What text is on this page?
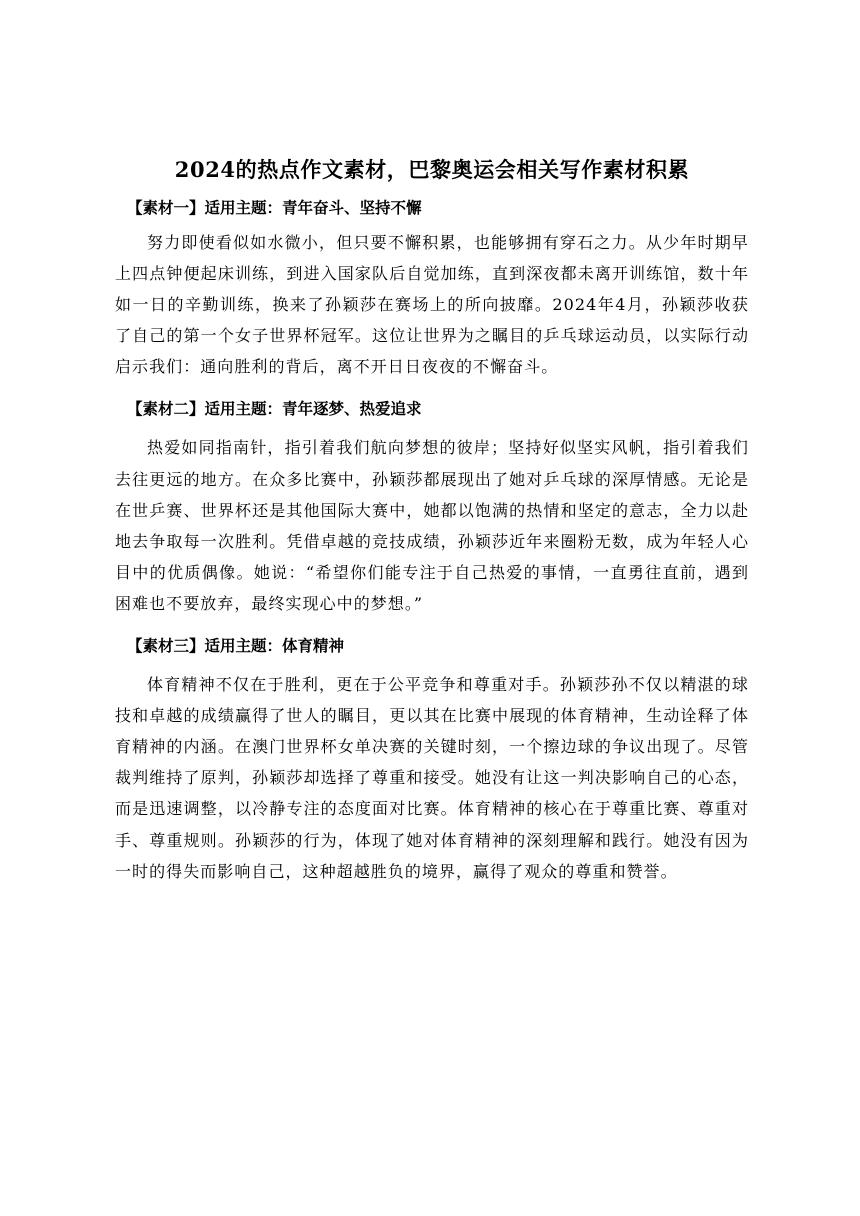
2024的热点作文素材，巴黎奥运会相关写作素材积累
【素材一】适用主题：青年奋斗、坚持不懈

努力即使看似如水微小，但只要不懈积累，也能够拥有穿石之力。从少年时期早上四点钟便起床训练，到进入国家队后自觉加练，直到深夜都未离开训练馆，数十年如一日的辛勤训练，换来了孙颖莎在赛场上的所向披靡。2024年4月，孙颖莎收获了自己的第一个女子世界杯冠军。这位让世界为之瞩目的乒乓球运动员，以实际行动启示我们：通向胜利的背后，离不开日日夜夜的不懈奋斗。

【素材二】适用主题：青年逐梦、热爱追求

热爱如同指南针，指引着我们航向梦想的彼岸；坚持好似坚实风帆，指引着我们去往更远的地方。在众多比赛中，孙颖莎都展现出了她对乒乓球的深厚情感。无论是在世乒赛、世界杯还是其他国际大赛中，她都以饱满的热情和坚定的意志，全力以赴地去争取每一次胜利。凭借卓越的竞技成绩，孙颖莎近年来圈粉无数，成为年轻人心目中的优质偶像。她说：“希望你们能专注于自己热爱的事情，一直勇往直前，遇到困难也不要放弃，最终实现心中的梦想。”

【素材三】适用主题：体育精神

体育精神不仅在于胜利，更在于公平竞争和尊重对手。孙颖莎孙不仅以精湛的球技和卓越的成绩赢得了世人的瞩目，更以其在比赛中展现的体育精神，生动诠释了体育精神的内涵。在澳门世界杯女单决赛的关键时刻，一个擦边球的争议出现了。尽管裁判维持了原判，孙颖莎却选择了尊重和接受。她没有让这一判决影响自己的心态，而是迅速调整，以冷静专注的态度面对比赛。体育精神的核心在于尊重比赛、尊重对手、尊重规则。孙颖莎的行为，体现了她对体育精神的深刻理解和践行。她没有因为一时的得失而影响自己，这种超越胜负的境界，赢得了观众的尊重和赞誉。
